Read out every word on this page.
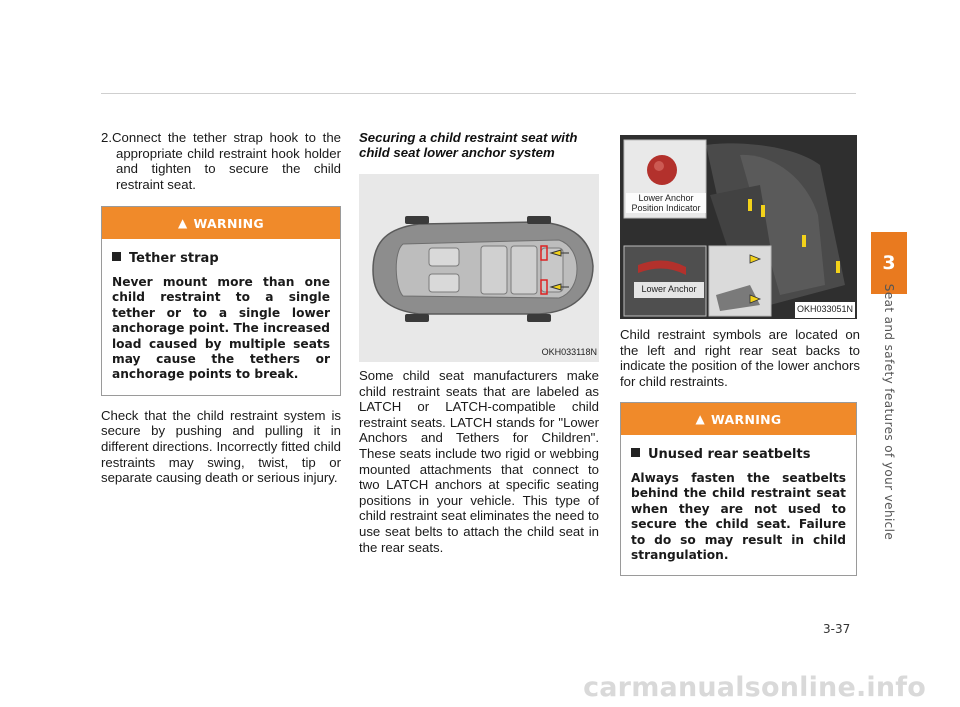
2.Connect the tether strap hook to the appropriate child restraint hook holder and tighten to secure the child restraint seat.

▲ WARNING
Tether strap

Never mount more than one child restraint to a single tether or to a single lower anchorage point. The increased load caused by multiple seats may cause the tethers or anchorage points to break.

Check that the child restraint system is secure by pushing and pulling it in different directions. Incorrectly fitted child restraints may swing, twist, tip or separate causing death or serious injury.

Securing a child restraint seat with child seat lower anchor system

OKH033118N

Some child seat manufacturers make child restraint seats that are labeled as LATCH or LATCH-compatible child restraint seats. LATCH stands for "Lower Anchors and Tethers for Children". These seats include two rigid or webbing mounted attachments that connect to two LATCH anchors at specific seating positions in your vehicle. This type of child restraint seat eliminates the need to use seat belts to attach the child seat in the rear seats.

Lower Anchor Position Indicator
Lower Anchor
OKH033051N

Child restraint symbols are located on the left and right rear seat backs to indicate the position of the lower anchors for child restraints.

▲ WARNING
Unused rear seatbelts

Always fasten the seatbelts behind the child restraint seat when they are not used to secure the child seat. Failure to do so may result in child strangulation.

3
Seat and safety features of your vehicle
3-37
carmanualsonline.info
